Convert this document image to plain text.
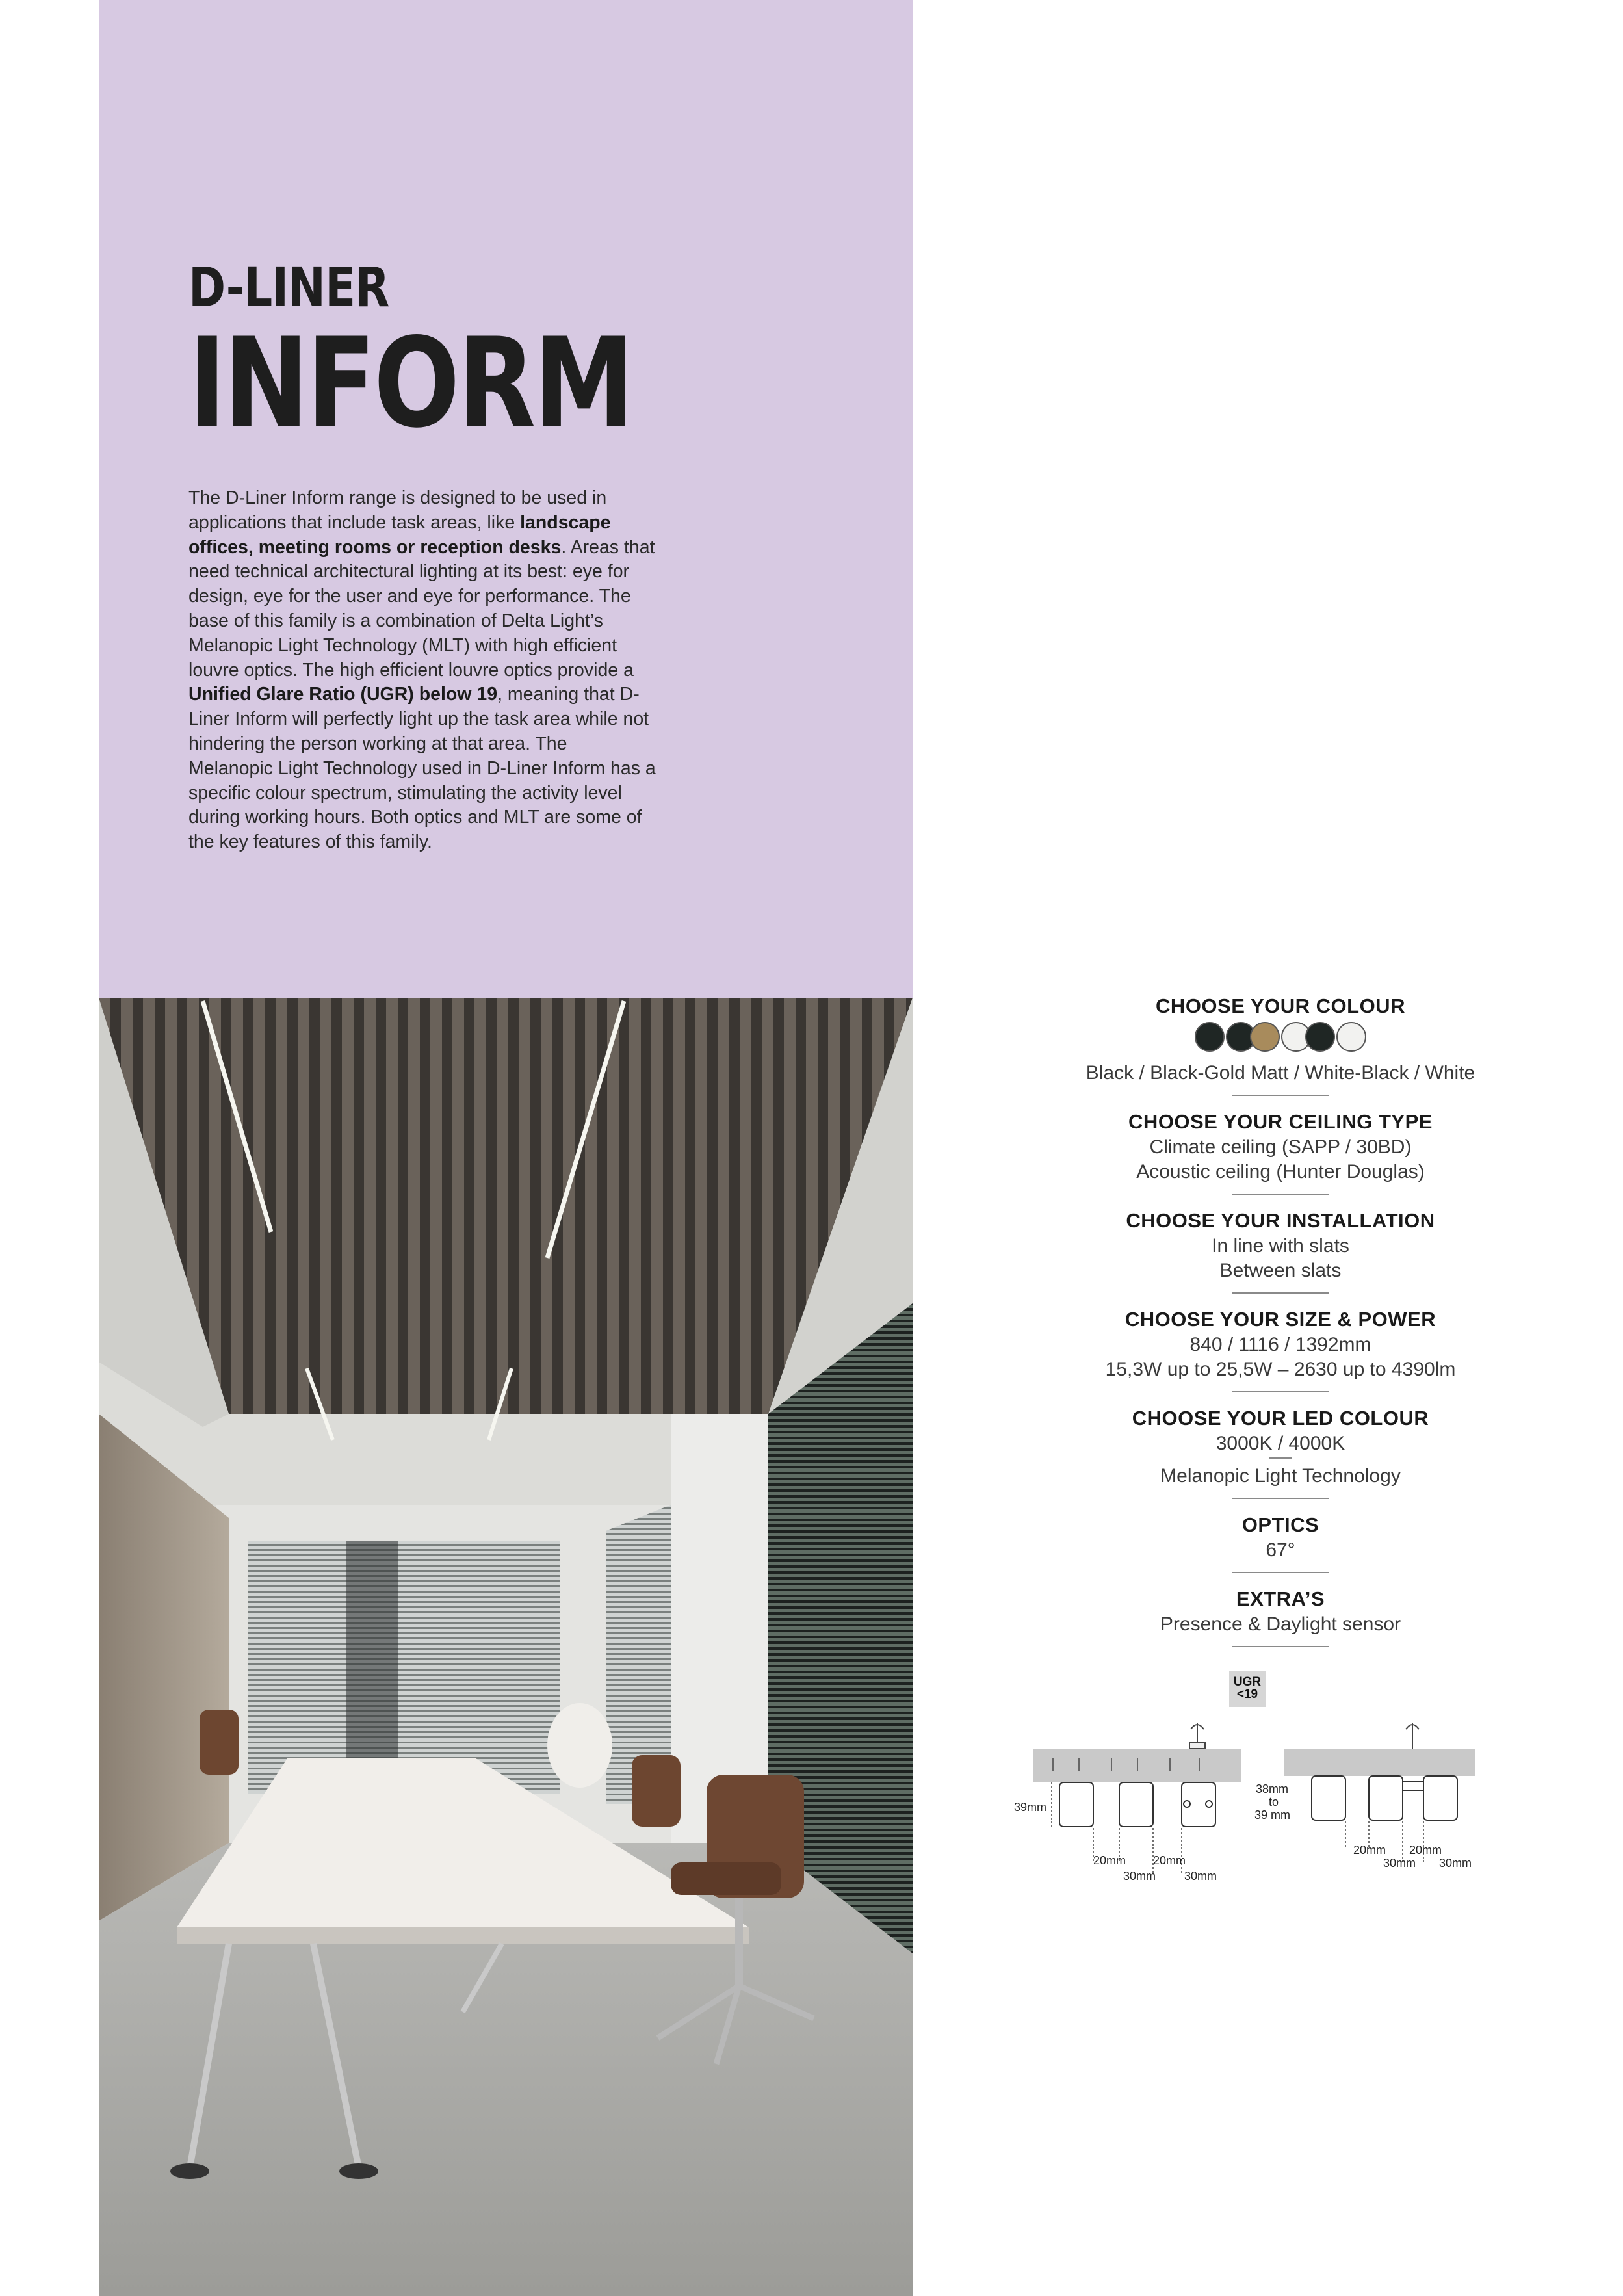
D-LINER
INFORM
The D-Liner Inform range is designed to be used in applications that include task areas, like landscape offices, meeting rooms or reception desks. Areas that need technical architectural lighting at its best: eye for design, eye for the user and eye for performance. The base of this family is a combination of Delta Light’s Melanopic Light Technology (MLT) with high efficient louvre optics. The high efficient louvre optics provide a Unified Glare Ratio (UGR) below 19, meaning that D-Liner Inform will perfectly light up the task area while not hindering the person working at that area. The Melanopic Light Technology used in D-Liner Inform has a specific colour spectrum, stimulating the activity level during working hours. Both optics and MLT are some of the key features of this family.

CHOOSE YOUR COLOUR

Black / Black-Gold Matt / White-Black / White

CHOOSE YOUR CEILING TYPE

Climate ceiling (SAPP / 30BD)

Acoustic ceiling (Hunter Douglas)

CHOOSE YOUR INSTALLATION

In line with slats

Between slats

CHOOSE YOUR SIZE & POWER

840 / 1116 / 1392mm

15,3W up to 25,5W – 2630 up to 4390lm

CHOOSE YOUR LED COLOUR

3000K / 4000K

Melanopic Light Technology

OPTICS

67°

EXTRA’S

Presence & Daylight sensor

UGR
<19
39mm
20mm 20mm
30mm 30mm
38mm
to
39 mm
20mm 20mm
30mm 30mm
